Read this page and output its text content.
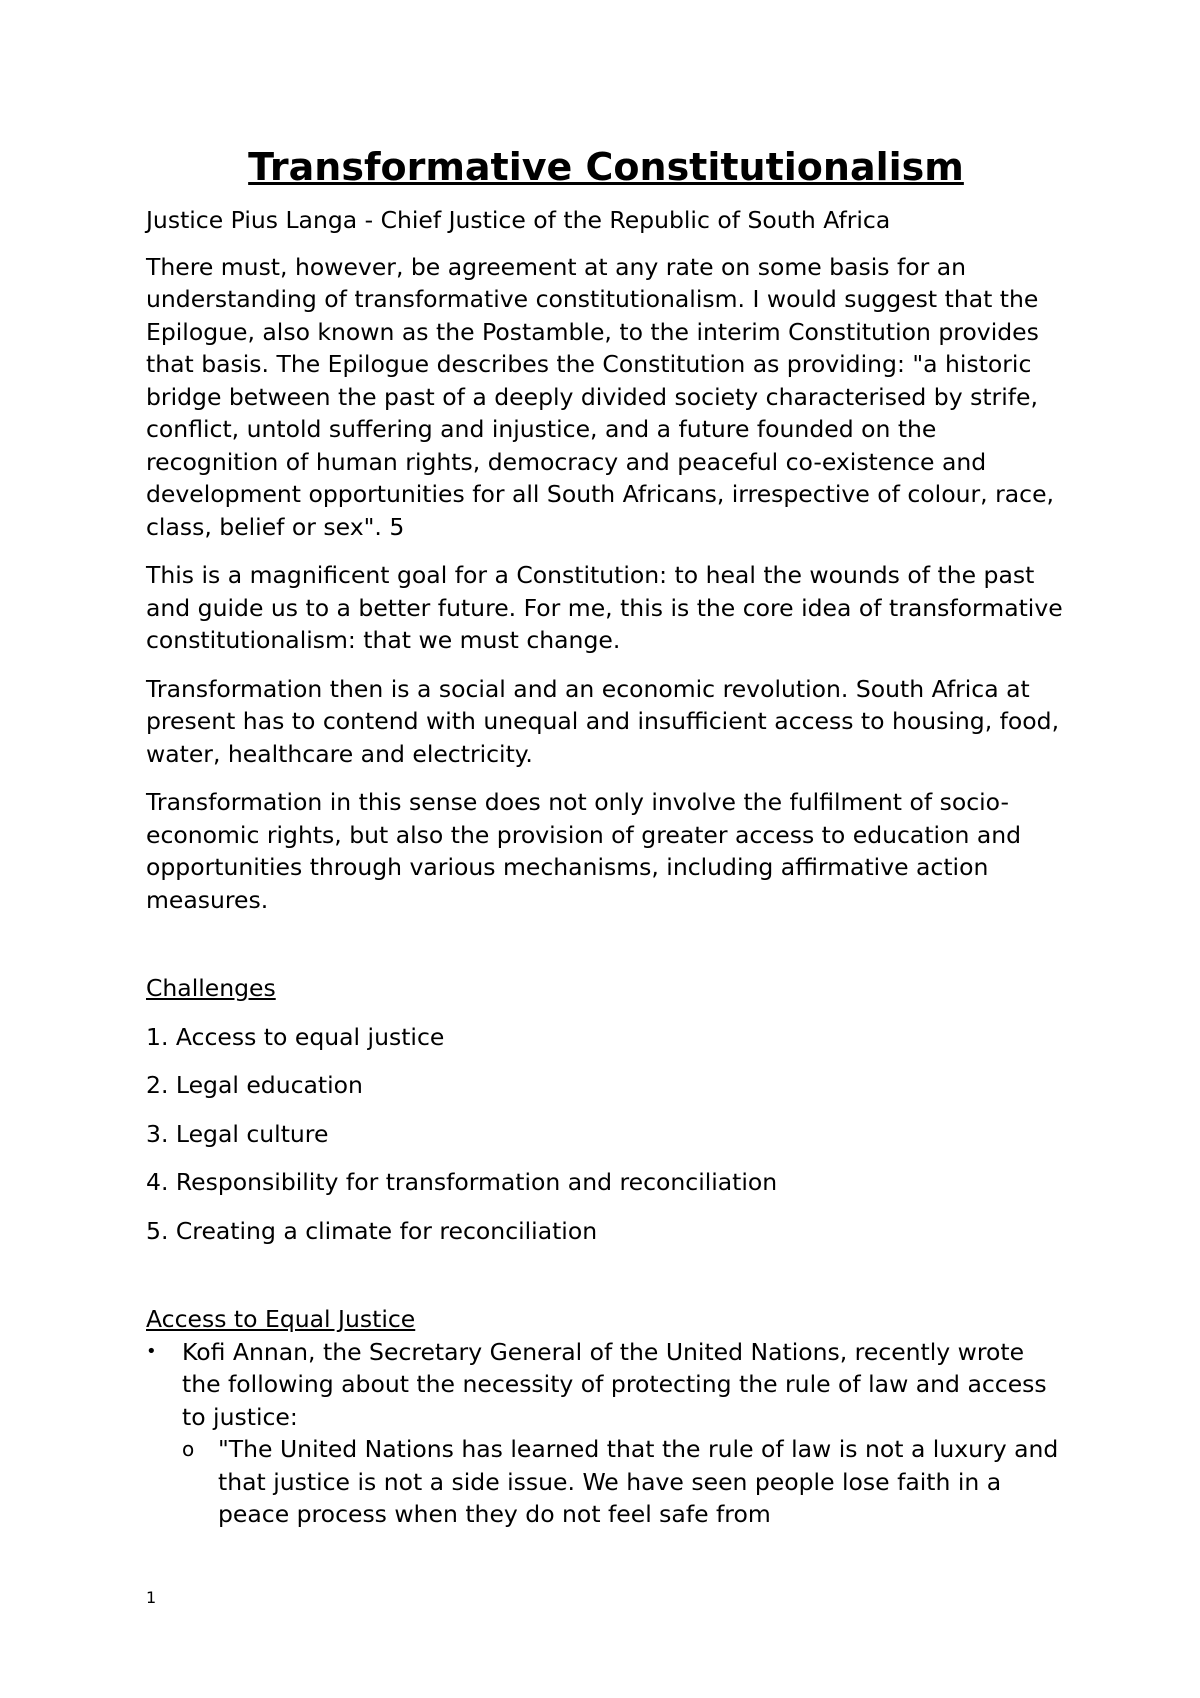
Transformative Constitutionalism

Justice Pius Langa - Chief Justice of the Republic of South Africa

There must, however, be agreement at any rate on some basis for an understanding of transformative constitutionalism. I would suggest that the Epilogue, also known as the Postamble, to the interim Constitution provides that basis. The Epilogue describes the Constitution as providing: "a historic bridge between the past of a deeply divided society characterised by strife, conflict, untold suffering and injustice, and a future founded on the recognition of human rights, democracy and peaceful co-existence and development opportunities for all South Africans, irrespective of colour, race, class, belief or sex". 5

This is a magnificent goal for a Constitution: to heal the wounds of the past and guide us to a better future. For me, this is the core idea of transformative constitutionalism: that we must change.

Transformation then is a social and an economic revolution. South Africa at present has to contend with unequal and insufficient access to housing, food, water, healthcare and electricity.

Transformation in this sense does not only involve the fulfilment of socio-economic rights, but also the provision of greater access to education and opportunities through various mechanisms, including affirmative action measures.

Challenges
1. Access to equal justice
2. Legal education
3. Legal culture
4. Responsibility for transformation and reconciliation
5. Creating a climate for reconciliation
Access to Equal Justice
•	Kofi Annan, the Secretary General of the United Nations, recently wrote the following about the necessity of protecting the rule of law and access to justice:

o	"The United Nations has learned that the rule of law is not a luxury and that justice is not a side issue. We have seen people lose faith in a peace process when they do not feel safe from

1
